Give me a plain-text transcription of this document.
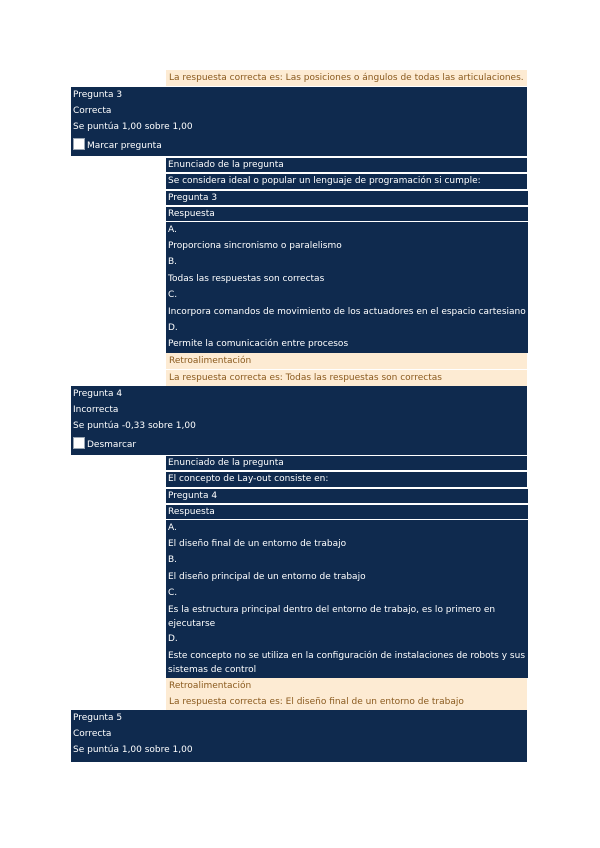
La respuesta correcta es: Las posiciones o ángulos de todas las articulaciones.
Pregunta 3
Correcta
Se puntúa 1,00 sobre 1,00
Marcar pregunta
Enunciado de la pregunta
Se considera ideal o popular un lenguaje de programación si cumple:
Pregunta 3
Respuesta
A.
Proporciona sincronismo o paralelismo
B.
Todas las respuestas son correctas
C.
Incorpora comandos de movimiento de los actuadores en el espacio cartesiano
D.
Permite la comunicación entre procesos
Retroalimentación
La respuesta correcta es: Todas las respuestas son correctas
Pregunta 4
Incorrecta
Se puntúa -0,33 sobre 1,00
Desmarcar
Enunciado de la pregunta
El concepto de Lay-out consiste en:
Pregunta 4
Respuesta
A.
El diseño final de un entorno de trabajo
B.
El diseño principal de un entorno de trabajo
C.
Es la estructura principal dentro del entorno de trabajo, es lo primero en
ejecutarse
D.
Este concepto no se utiliza en la configuración de instalaciones de robots y sus
sistemas de control
Retroalimentación
La respuesta correcta es: El diseño final de un entorno de trabajo
Pregunta 5
Correcta
Se puntúa 1,00 sobre 1,00
